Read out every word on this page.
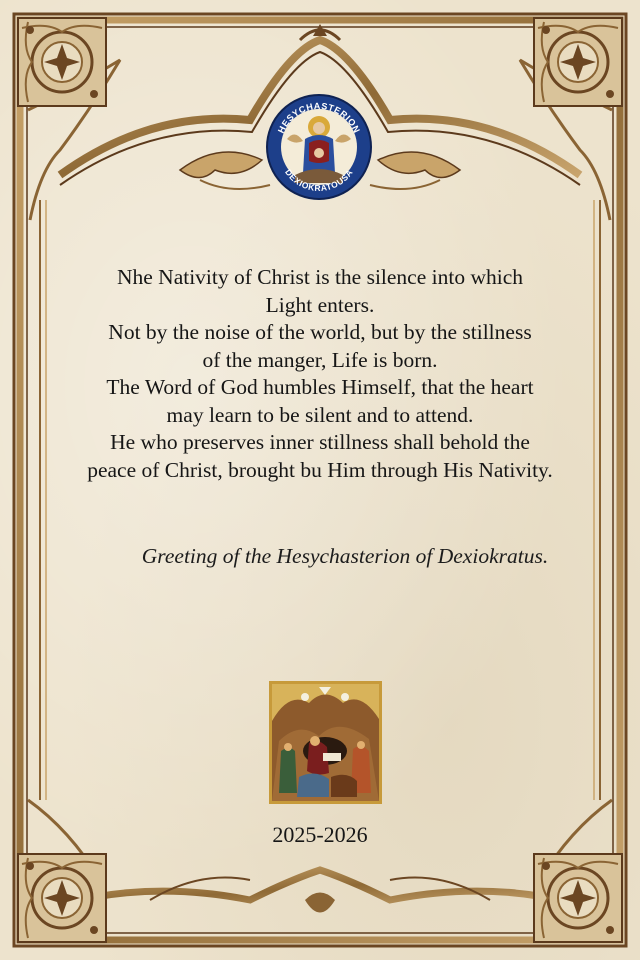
HESYCHASTERION
DEXIOKRATOUSA
Nhe Nativity of Christ is the silence into which
Light enters.
Not by the noise of the world, but by the stillness
of the manger, Life is born.
The Word of God humbles Himself, that the heart
may learn to be silent and to attend.
He who preserves inner stillness shall behold the
peace of Christ, brought bu Him through His Nativity.
Greeting of the Hesychasterion of Dexiokratus.
2025-2026
